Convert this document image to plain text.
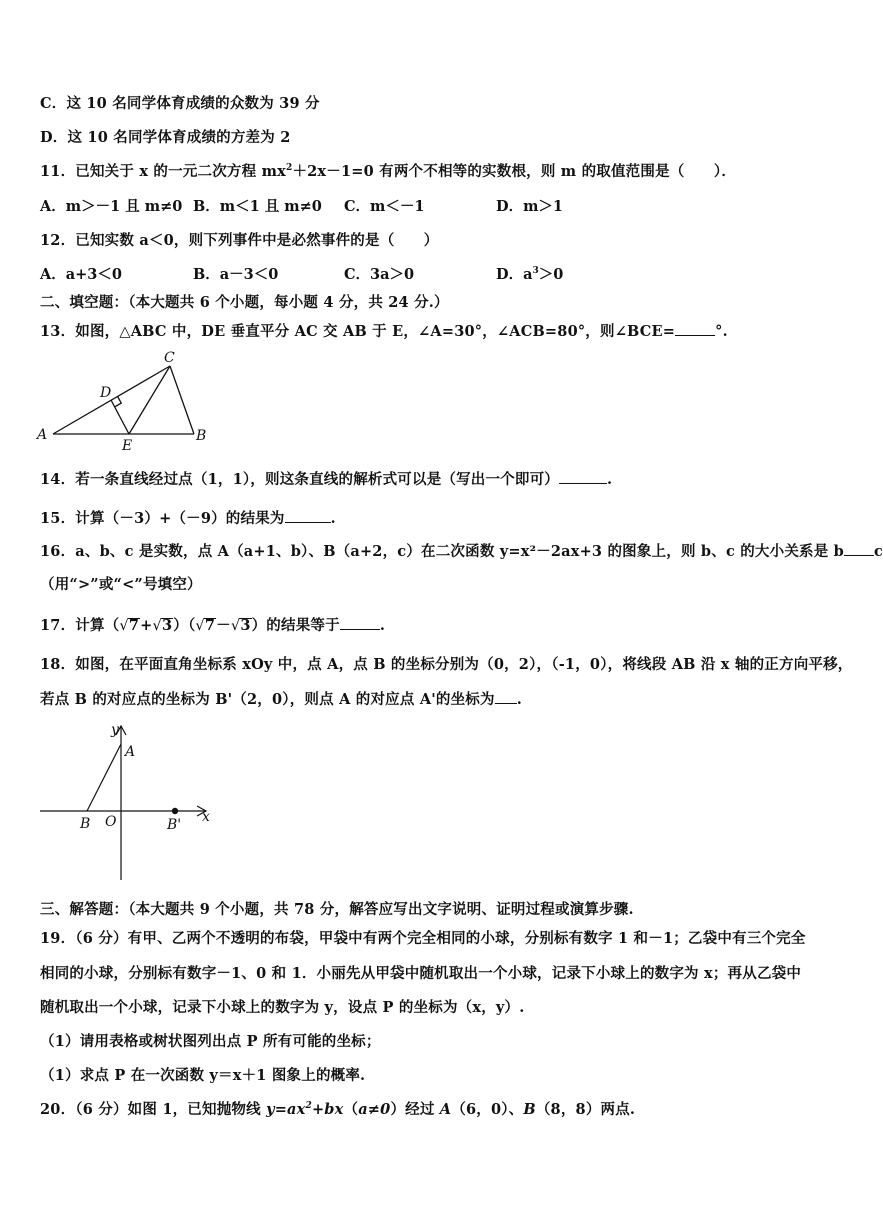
C．这 10 名同学体育成绩的众数为 39 分
D．这 10 名同学体育成绩的方差为 2
11．已知关于 x 的一元二次方程 $mx^2+2x-1=0$ 有两个不相等的实数根，则 m 的取值范围是（　　）．
A．m＞－1 且 m≠0 B．m＜1 且 m≠0 C．m＜－1	D．m＞1
12．已知实数 a＜0，则下列事件中是必然事件的是（　　）
A．a+3＜0	B．a－3＜0	C．3a＞0	D．$a^3>0$
二、填空题：（本大题共 6 个小题，每小题 4 分，共 24 分.）
13．如图，△ABC 中，DE 垂直平分 AC 交 AB 于 E，∠A=30°，∠ACB=80°，则∠BCE=	°.
A	B
C
D
E
14．若一条直线经过点（1，1），则这条直线的解析式可以是（写出一个即可）	.
15．计算（－3）+（－9）的结果为	.
16．a、b、c 是实数，点 A（a+1、b）、B（a+2，c）在二次函数 y=x²－2ax+3 的图象上，则 b、c 的大小关系是 b c
（用“>”或“<”号填空）
17．计算（√7+√3）（√7－√3）的结果等于	.
18．如图，在平面直角坐标系 xOy 中，点 A，点 B 的坐标分别为（0，2），（-1，0），将线段 AB 沿 x 轴的正方向平移，
若点 B 的对应点的坐标为 B'（2，0），则点 A 的对应点 A'的坐标为 .
y
x
A
B O	B'
三、解答题：（本大题共 9 个小题，共 78 分，解答应写出文字说明、证明过程或演算步骤.
19．（6 分）有甲、乙两个不透明的布袋，甲袋中有两个完全相同的小球，分别标有数字 1 和－1；乙袋中有三个完全
相同的小球，分别标有数字－1、0 和 1．小丽先从甲袋中随机取出一个小球，记录下小球上的数字为 x；再从乙袋中
随机取出一个小球，记录下小球上的数字为 y，设点 P 的坐标为（x，y）.
（1）请用表格或树状图列出点 P 所有可能的坐标；
（1）求点 P 在一次函数 y＝x＋1 图象上的概率.
20．（6 分）如图 1，已知抛物线 $y=ax^2+bx(a\ne 0)$经过 A（6，0）、B（8，8）两点.
